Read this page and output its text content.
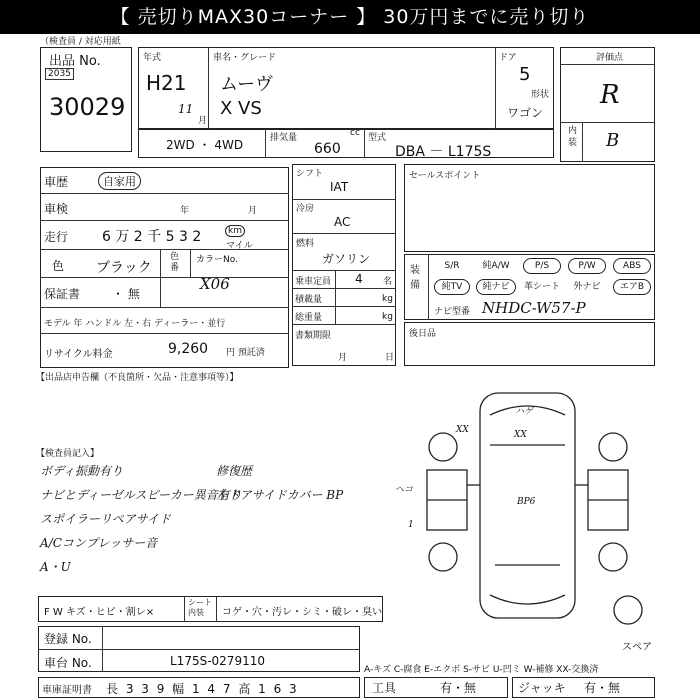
【 売切りMAX30コーナー 】 30万円までに売り切り
（検査員 / 対応用紙
出品 No.
2035
30029
年式
H21
11
月
車名・グレード
ムーヴ
X VS
ドア
5
形状
ワゴン
評価点
R
内装 B
2WD ・ 4WD	排気量	cc
660
型式
DBA － L175S
車歴	自家用
車検	年	月
走行 6 万 2 千 5 3 2	km
マイル
色 ブラック
色番
カラーNo.
X06
保証書	・ 無
モデル 年 ハンドル 左・右 ディーラー・並行
リサイクル料金	9,260 円 預託済
シフト
IAT
冷房
AC
燃料
ガソリン
乗車定員 4 名
積載量	kg
総重量	kg
書類期限
月	日
セールスポイント
装備
S/R	純A/W	P/S	P/W	ABS
純TV	純ナビ	革シート	外ナビ	エアB
ナビ型番 NHDC-W57-P
後日品
【出品店申告欄（不良箇所・欠品・注意事項等）】
【検査員記入】
ボディ振動有り
ナビとディーゼルスピーカー異音有り
スポイラーリペアサイド
A/Cコンプレッサー音
A・U
修復歴
左ドアサイドカバー BP
XX	XX
ハゲ
BP6
ヘコ
1
スペア
F W キズ・ヒビ・割レ×
シート 内装	コゲ・穴・汚レ・シミ・破レ・臭い
登録 No.
車台 No.	L175S-0279110
A-キズ C-腐食 E-エクボ S-サビ U-凹ミ W-補修 XX-交換済
車庫証明書 長 3 3 9 幅 1 4 7 高 1 6 3	工具	有・無	ジャッキ 有・無
